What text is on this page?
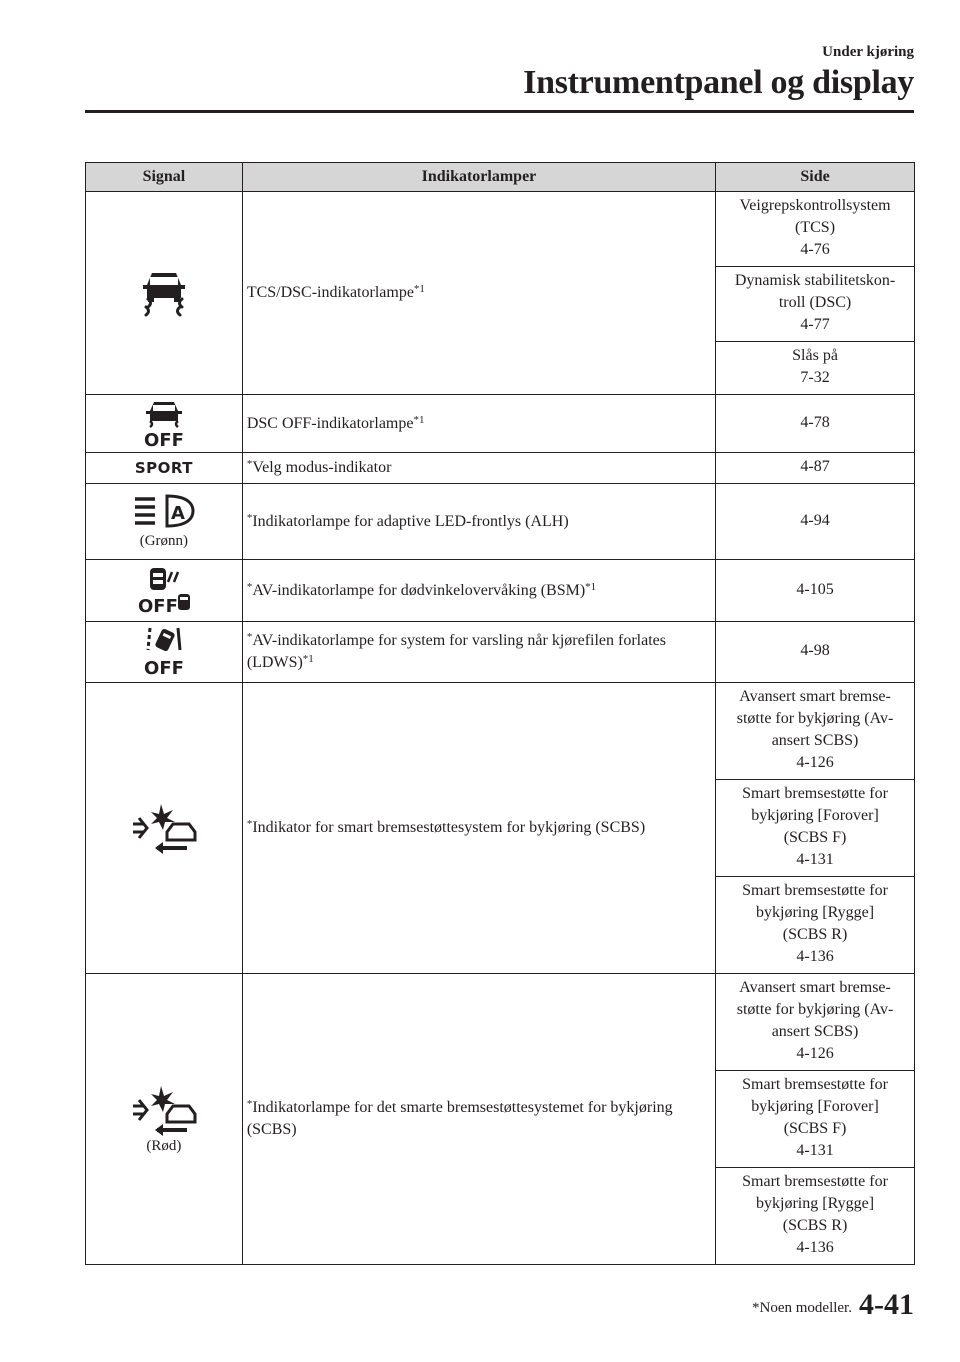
Under kjøring
Instrumentpanel og display
Signal	Indikatorlamper	Side

	TCS/DSC-indikatorlampe$^{*1}$	Veigrepskontrollsystem
(TCS)
4-76
		Dynamisk stabilitetskon-
troll (DSC)
4-77
		Slås på
7-32

OFF	DSC OFF-indikatorlampe$^{*1}$	4-78
SPORT	*Velg modus-indikator	4-87

A
(Grønn)	*Indikatorlampe for adaptive LED-frontlys (ALH)	4-94

OFF	*AV-indikatorlampe for dødvinkelovervåking (BSM)$^{*1}$	4-105

OFF	*AV-indikatorlampe for system for varsling når kjørefilen forlates (LDWS)$^{*1}$	4-98

	*Indikator for smart bremsestøttesystem for bykjøring (SCBS)	Avansert smart bremse-
støtte for bykjøring (Av-
ansert SCBS)
4-126
		Smart bremsestøtte for
bykjøring [Forover]
(SCBS F)
4-131
		Smart bremsestøtte for
bykjøring [Rygge]
(SCBS R)
4-136

(Rød)	*Indikatorlampe for det smarte bremsestøttesystemet for bykjøring (SCBS)	Avansert smart bremse-
støtte for bykjøring (Av-
ansert SCBS)
4-126
		Smart bremsestøtte for
bykjøring [Forover]
(SCBS F)
4-131
		Smart bremsestøtte for
bykjøring [Rygge]
(SCBS R)
4-136
*Noen modeller. 4-41
